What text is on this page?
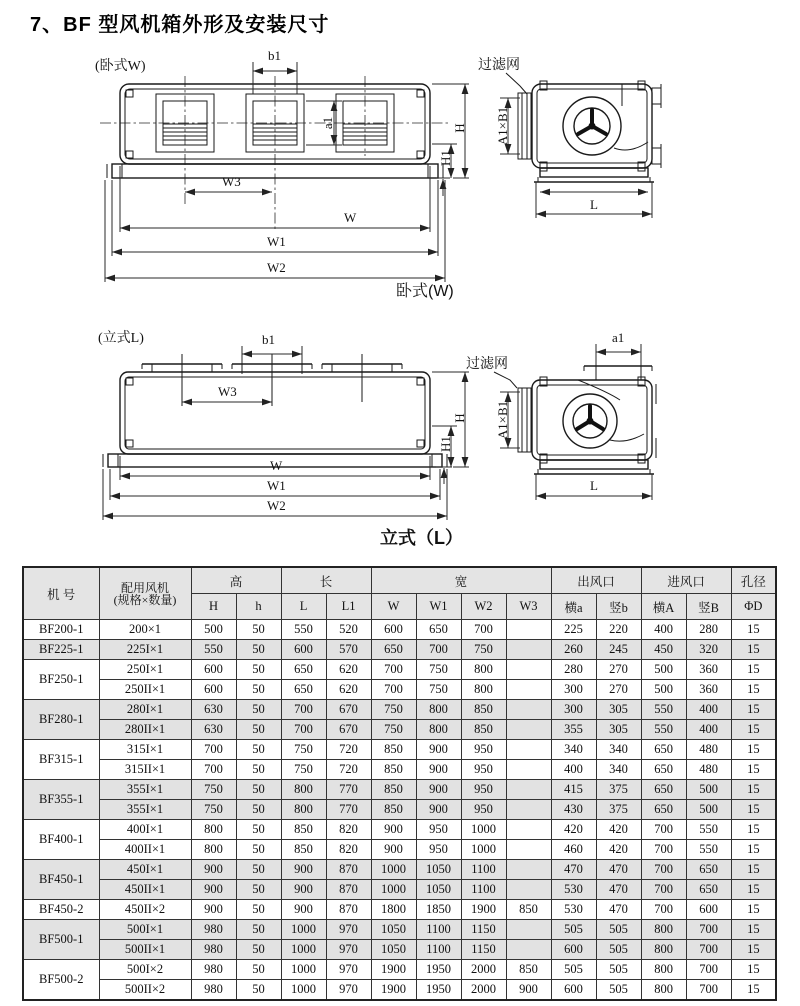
7、BF 型风机箱外形及安装尺寸
(卧式W)
b1
a1
H1
H
W3
W
W1
W2
卧式(W)
过滤网
A1×B1
L
(立式L)	b1
W3
H1
H
W
W1
W2
立式（L）
a1
过滤网
A1×B1
L
机 号	配用风机
(规格×数量)	高		长		宽				出风口		进风口		孔径
		H	h	L	L1	W	W1	W2	W3	横a	竖b	横A	竖B	ΦD
BF200-1	200×1	500	50	550	520	600	650	700		225	220	400	280	15
BF225-1	225I×1	550	50	600	570	650	700	750		260	245	450	320	15
BF250-1	250I×1	600	50	650	620	700	750	800		280	270	500	360	15
	250II×1	600	50	650	620	700	750	800		300	270	500	360	15
BF280-1	280I×1	630	50	700	670	750	800	850		300	305	550	400	15
	280II×1	630	50	700	670	750	800	850		355	305	550	400	15
BF315-1	315I×1	700	50	750	720	850	900	950		340	340	650	480	15
	315II×1	700	50	750	720	850	900	950		400	340	650	480	15
BF355-1	355I×1	750	50	800	770	850	900	950		415	375	650	500	15
	355I×1	750	50	800	770	850	900	950		430	375	650	500	15
BF400-1	400I×1	800	50	850	820	900	950	1000		420	420	700	550	15
	400II×1	800	50	850	820	900	950	1000		460	420	700	550	15
BF450-1	450I×1	900	50	900	870	1000	1050	1100		470	470	700	650	15
	450II×1	900	50	900	870	1000	1050	1100		530	470	700	650	15
BF450-2	450II×2	900	50	900	870	1800	1850	1900	850	530	470	700	600	15
BF500-1	500I×1	980	50	1000	970	1050	1100	1150		505	505	800	700	15
	500II×1	980	50	1000	970	1050	1100	1150		600	505	800	700	15
BF500-2	500I×2	980	50	1000	970	1900	1950	2000	850	505	505	800	700	15
	500II×2	980	50	1000	970	1900	1950	2000	900	600	505	800	700	15
